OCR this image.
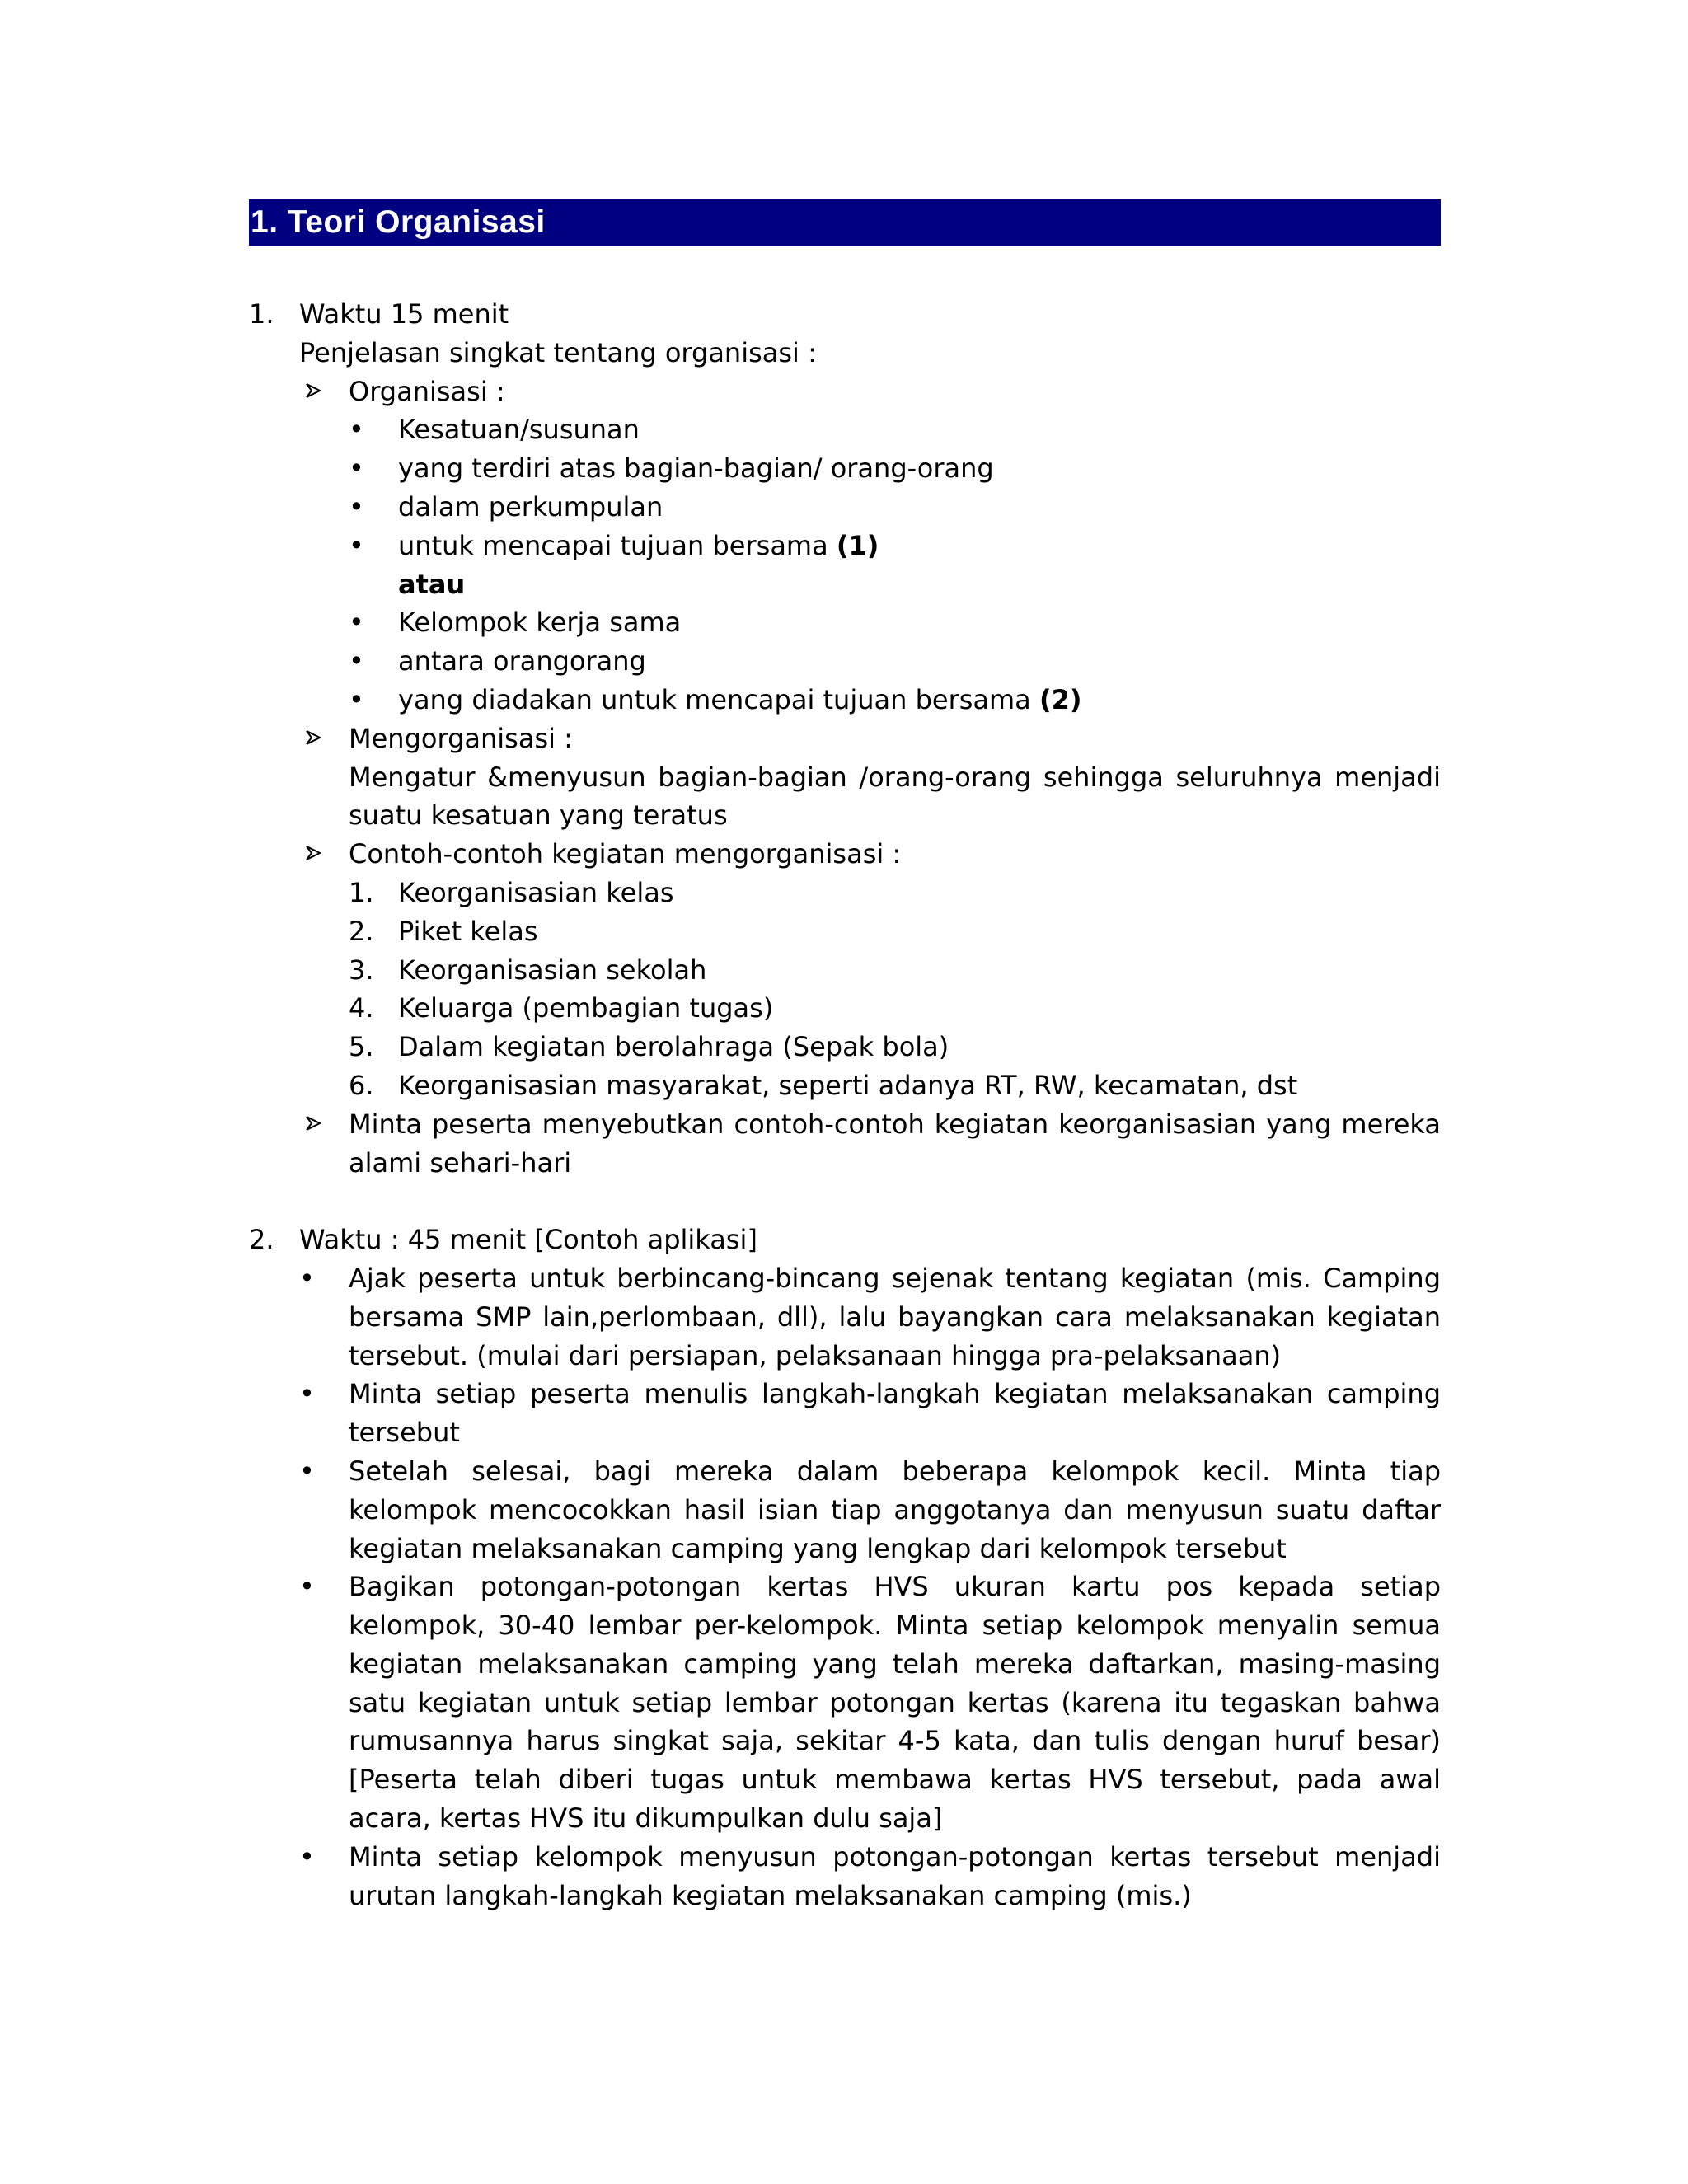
1. Teori Organisasi
1. Waktu 15 menit
Penjelasan singkat tentang organisasi :
Organisasi :
• Kesatuan/susunan
• yang terdiri atas bagian-bagian/ orang-orang
• dalam perkumpulan
• untuk mencapai tujuan bersama (1)
atau
• Kelompok kerja sama
• antara orangorang
• yang diadakan untuk mencapai tujuan bersama (2)
Mengorganisasi :
Mengatur &menyusun bagian-bagian /orang-orang sehingga seluruhnya menjadi suatu kesatuan yang teratus
Contoh-contoh kegiatan mengorganisasi :
1. Keorganisasian kelas
2. Piket kelas
3. Keorganisasian sekolah
4. Keluarga (pembagian tugas)
5. Dalam kegiatan berolahraga (Sepak bola)
6. Keorganisasian masyarakat, seperti adanya RT, RW, kecamatan, dst
Minta peserta menyebutkan contoh-contoh kegiatan keorganisasian yang mereka alami sehari-hari
2. Waktu : 45 menit [Contoh aplikasi]
• Ajak peserta untuk berbincang-bincang sejenak tentang kegiatan (mis. Camping bersama SMP lain,perlombaan, dll), lalu bayangkan cara melaksanakan kegiatan tersebut. (mulai dari persiapan, pelaksanaan hingga pra-pelaksanaan)
• Minta setiap peserta menulis langkah-langkah kegiatan melaksanakan camping tersebut
• Setelah selesai, bagi mereka dalam beberapa kelompok kecil. Minta tiap kelompok mencocokkan hasil isian tiap anggotanya dan menyusun suatu daftar kegiatan melaksanakan camping yang lengkap dari kelompok tersebut
• Bagikan potongan-potongan kertas HVS ukuran kartu pos kepada setiap kelompok, 30-40 lembar per-kelompok. Minta setiap kelompok menyalin semua kegiatan melaksanakan camping yang telah mereka daftarkan, masing-masing satu kegiatan untuk setiap lembar potongan kertas (karena itu tegaskan bahwa rumusannya harus singkat saja, sekitar 4-5 kata, dan tulis dengan huruf besar) [Peserta telah diberi tugas untuk membawa kertas HVS tersebut, pada awal acara, kertas HVS itu dikumpulkan dulu saja]
• Minta setiap kelompok menyusun potongan-potongan kertas tersebut menjadi urutan langkah-langkah kegiatan melaksanakan camping (mis.)
